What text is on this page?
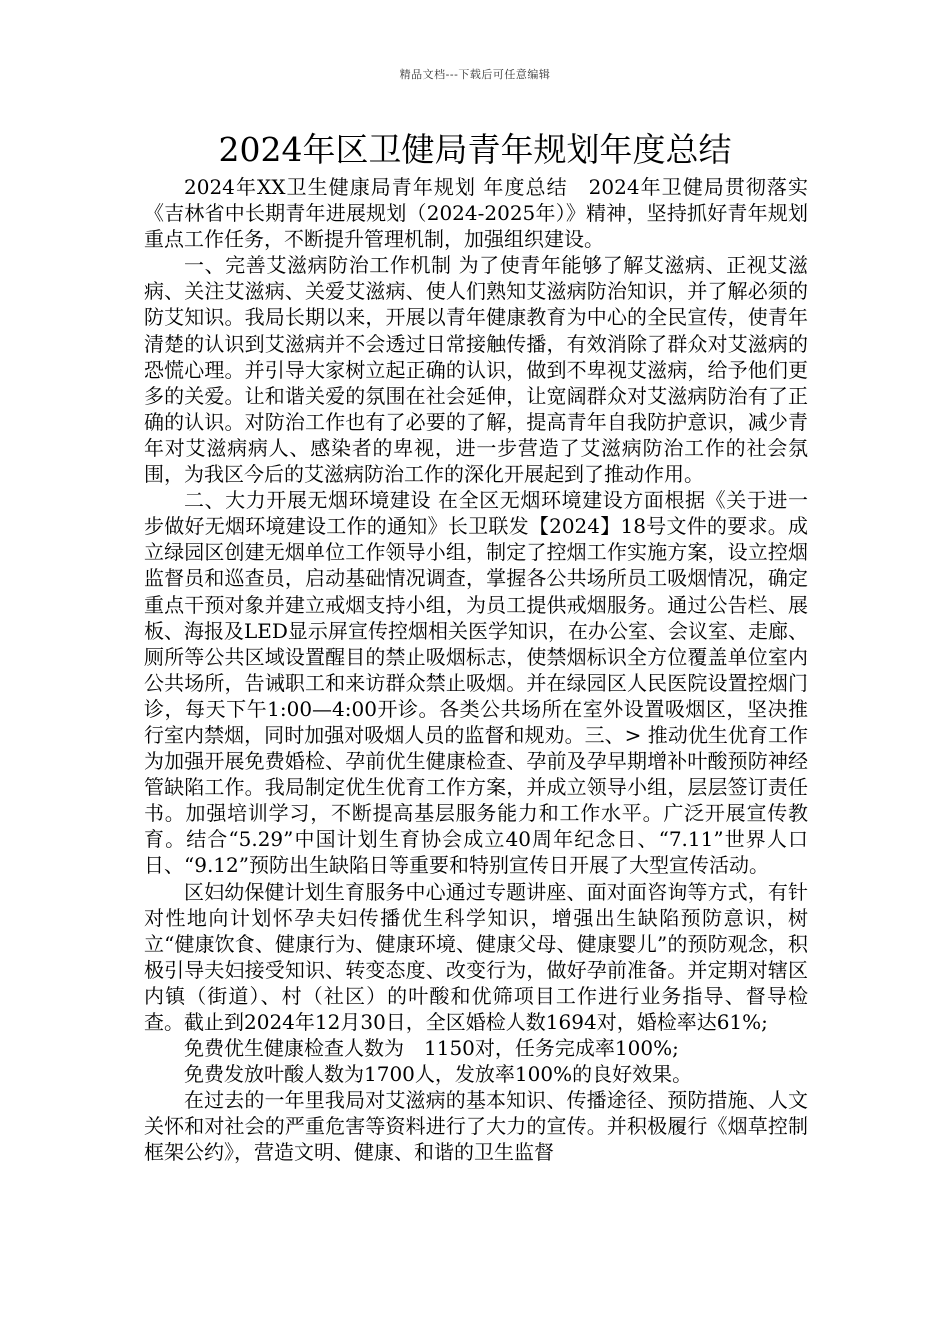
精品文档---下载后可任意编辑
2024年区卫健局青年规划年度总结

2024年XX卫生健康局青年规划 年度总结　2024年卫健局贯彻落实《吉林省中长期青年进展规划（2024-2025年）》精神，坚持抓好青年规划重点工作任务，不断提升管理机制，加强组织建设。

一、完善艾滋病防治工作机制 为了使青年能够了解艾滋病、正视艾滋病、关注艾滋病、关爱艾滋病、使人们熟知艾滋病防治知识，并了解必须的防艾知识。我局长期以来，开展以青年健康教育为中心的全民宣传，使青年清楚的认识到艾滋病并不会透过日常接触传播，有效消除了群众对艾滋病的恐慌心理。并引导大家树立起正确的认识，做到不卑视艾滋病，给予他们更多的关爱。让和谐关爱的氛围在社会延伸，让宽阔群众对艾滋病防治有了正确的认识。对防治工作也有了必要的了解，提高青年自我防护意识，减少青年对艾滋病病人、感染者的卑视，进一步营造了艾滋病防治工作的社会氛围，为我区今后的艾滋病防治工作的深化开展起到了推动作用。

二、大力开展无烟环境建设 在全区无烟环境建设方面根据《关于进一步做好无烟环境建设工作的通知》长卫联发【2024】18号文件的要求。成立绿园区创建无烟单位工作领导小组，制定了控烟工作实施方案，设立控烟监督员和巡查员，启动基础情况调查，掌握各公共场所员工吸烟情况，确定重点干预对象并建立戒烟支持小组，为员工提供戒烟服务。通过公告栏、展板、海报及LED显示屏宣传控烟相关医学知识，在办公室、会议室、走廊、厕所等公共区域设置醒目的禁止吸烟标志，使禁烟标识全方位覆盖单位室内公共场所，告诫职工和来访群众禁止吸烟。并在绿园区人民医院设置控烟门诊，每天下午1:00—4:00开诊。各类公共场所在室外设置吸烟区，坚决推行室内禁烟，同时加强对吸烟人员的监督和规劝。三、> 推动优生优育工作 为加强开展免费婚检、孕前优生健康检查、孕前及孕早期增补叶酸预防神经管缺陷工作。我局制定优生优育工作方案，并成立领导小组，层层签订责任书。加强培训学习，不断提高基层服务能力和工作水平。广泛开展宣传教育。结合“5.29”中国计划生育协会成立40周年纪念日、“7.11”世界人口日、“9.12”预防出生缺陷日等重要和特别宣传日开展了大型宣传活动。

区妇幼保健计划生育服务中心通过专题讲座、面对面咨询等方式，有针对性地向计划怀孕夫妇传播优生科学知识，增强出生缺陷预防意识，树立“健康饮食、健康行为、健康环境、健康父母、健康婴儿”的预防观念，积极引导夫妇接受知识、转变态度、改变行为，做好孕前准备。并定期对辖区内镇（街道）、村（社区）的叶酸和优筛项目工作进行业务指导、督导检查。截止到2024年12月30日，全区婚检人数1694对，婚检率达61%;

免费优生健康检查人数为　1150对，任务完成率100%;

免费发放叶酸人数为1700人，发放率100%的良好效果。

在过去的一年里我局对艾滋病的基本知识、传播途径、预防措施、人文关怀和对社会的严重危害等资料进行了大力的宣传。并积极履行《烟草控制框架公约》，营造文明、健康、和谐的卫生监督
